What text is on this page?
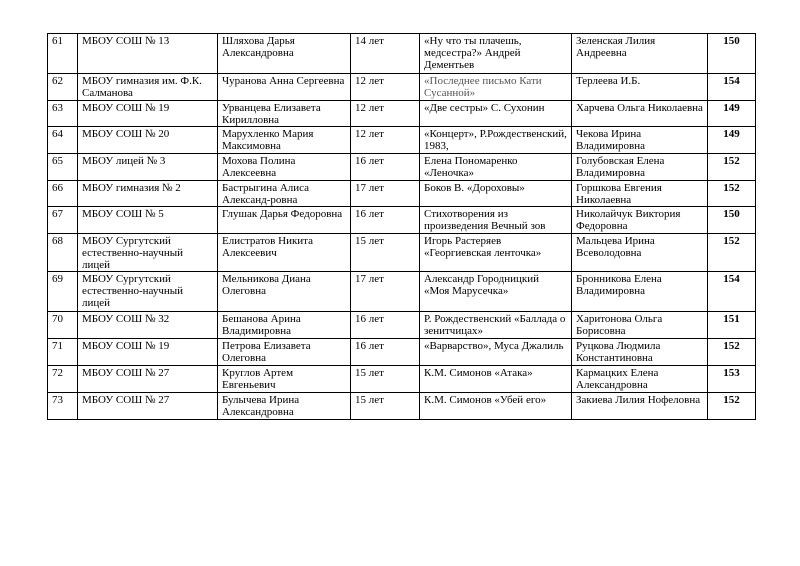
61	МБОУ СОШ № 13	Шляхова Дарья Александровна	14 лет	«Ну что ты плачешь, медсестра?» Андрей Дементьев	Зеленская Лилия Андреевна	150
62	МБОУ гимназия им. Ф.К. Салманова	Чуранова Анна Сергеевна	12 лет	«Последнее письмо Кати Сусанной»	Терлеева И.Б.	154
63	МБОУ СОШ № 19	Урванцева Елизавета Кирилловна	12 лет	«Две сестры» С. Сухонин	Харчева Ольга Николаевна	149
64	МБОУ СОШ № 20	Марухленко Мария Максимовна	12 лет	«Концерт», Р.Рождественский, 1983,	Чекова Ирина Владимировна	149
65	МБОУ лицей № 3	Мохова Полина Алексеевна	16 лет	Елена Пономаренко «Леночка»	Голубовская Елена Владимировна	152
66	МБОУ гимназия № 2	Бастрыгина Алиса Александ-ровна	17 лет	Боков В. «Дороховы»	Горшкова Евгения Николаевна	152
67	МБОУ СОШ № 5	Глушак Дарья Федоровна	16 лет	Стихотворения из произведения Вечный зов	Николайчук Виктория Федоровна	150
68	МБОУ Сургутский естественно-научный лицей	Елистратов Никита Алексеевич	15 лет	Игорь Растеряев «Георгиевская ленточка»	Мальцева Ирина Всеволодовна	152
69	МБОУ Сургутский естественно-научный лицей	Мельникова Диана Олеговна	17 лет	Александр Городницкий «Моя Марусечка»	Бронникова Елена Владимировна	154
70	МБОУ СОШ № 32	Бешанова Арина Владимировна	16 лет	Р. Рождественский «Баллада о зенитчицах»	Харитонова Ольга Борисовна	151
71	МБОУ СОШ № 19	Петрова Елизавета Олеговна	16 лет	«Варварство», Муса Джалиль	Руцкова Людмила Константиновна	152
72	МБОУ СОШ № 27	Круглов Артем Евгеньевич	15 лет	К.М. Симонов «Атака»	Кармацких Елена Александровна	153
73	МБОУ СОШ № 27	Булычева Ирина Александровна	15 лет	К.М. Симонов «Убей его»	Закиева Лилия Нофеловна	152
